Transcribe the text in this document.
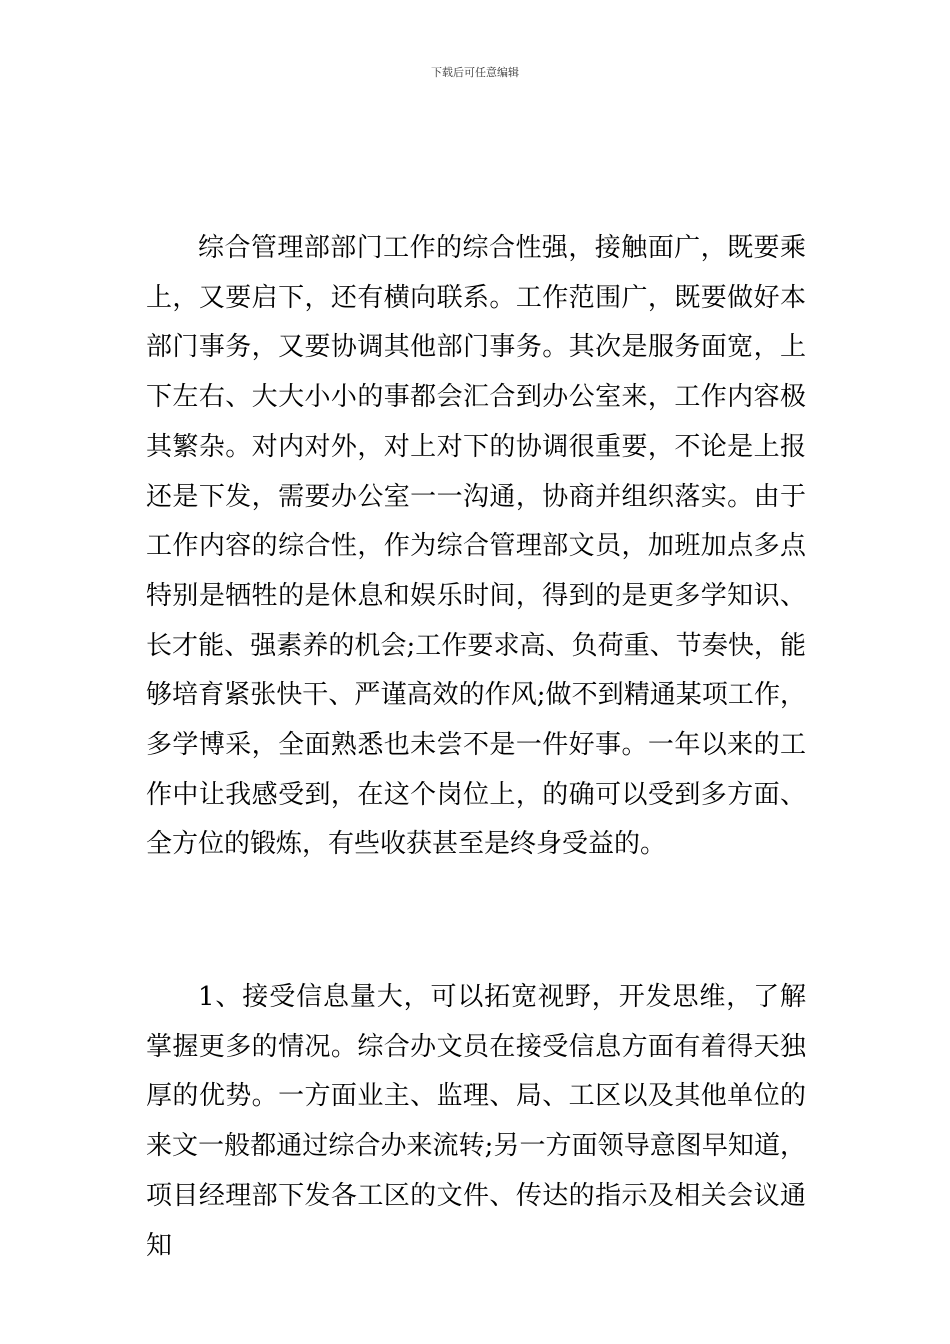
下载后可任意编辑

综合管理部部门工作的综合性强，接触面广，既要乘上，又要启下，还有横向联系。工作范围广，既要做好本部门事务，又要协调其他部门事务。其次是服务面宽，上下左右、大大小小的事都会汇合到办公室来，工作内容极其繁杂。对内对外，对上对下的协调很重要，不论是上报还是下发，需要办公室一一沟通，协商并组织落实。由于工作内容的综合性，作为综合管理部文员，加班加点多点特别是牺牲的是休息和娱乐时间，得到的是更多学知识、长才能、强素养的机会;工作要求高、负荷重、节奏快，能够培育紧张快干、严谨高效的作风;做不到精通某项工作，多学博采，全面熟悉也未尝不是一件好事。一年以来的工作中让我感受到，在这个岗位上，的确可以受到多方面、全方位的锻炼，有些收获甚至是终身受益的。

1、接受信息量大，可以拓宽视野，开发思维，了解掌握更多的情况。综合办文员在接受信息方面有着得天独厚的优势。一方面业主、监理、局、工区以及其他单位的来文一般都通过综合办来流转;另一方面领导意图早知道，项目经理部下发各工区的文件、传达的指示及相关会议通知
